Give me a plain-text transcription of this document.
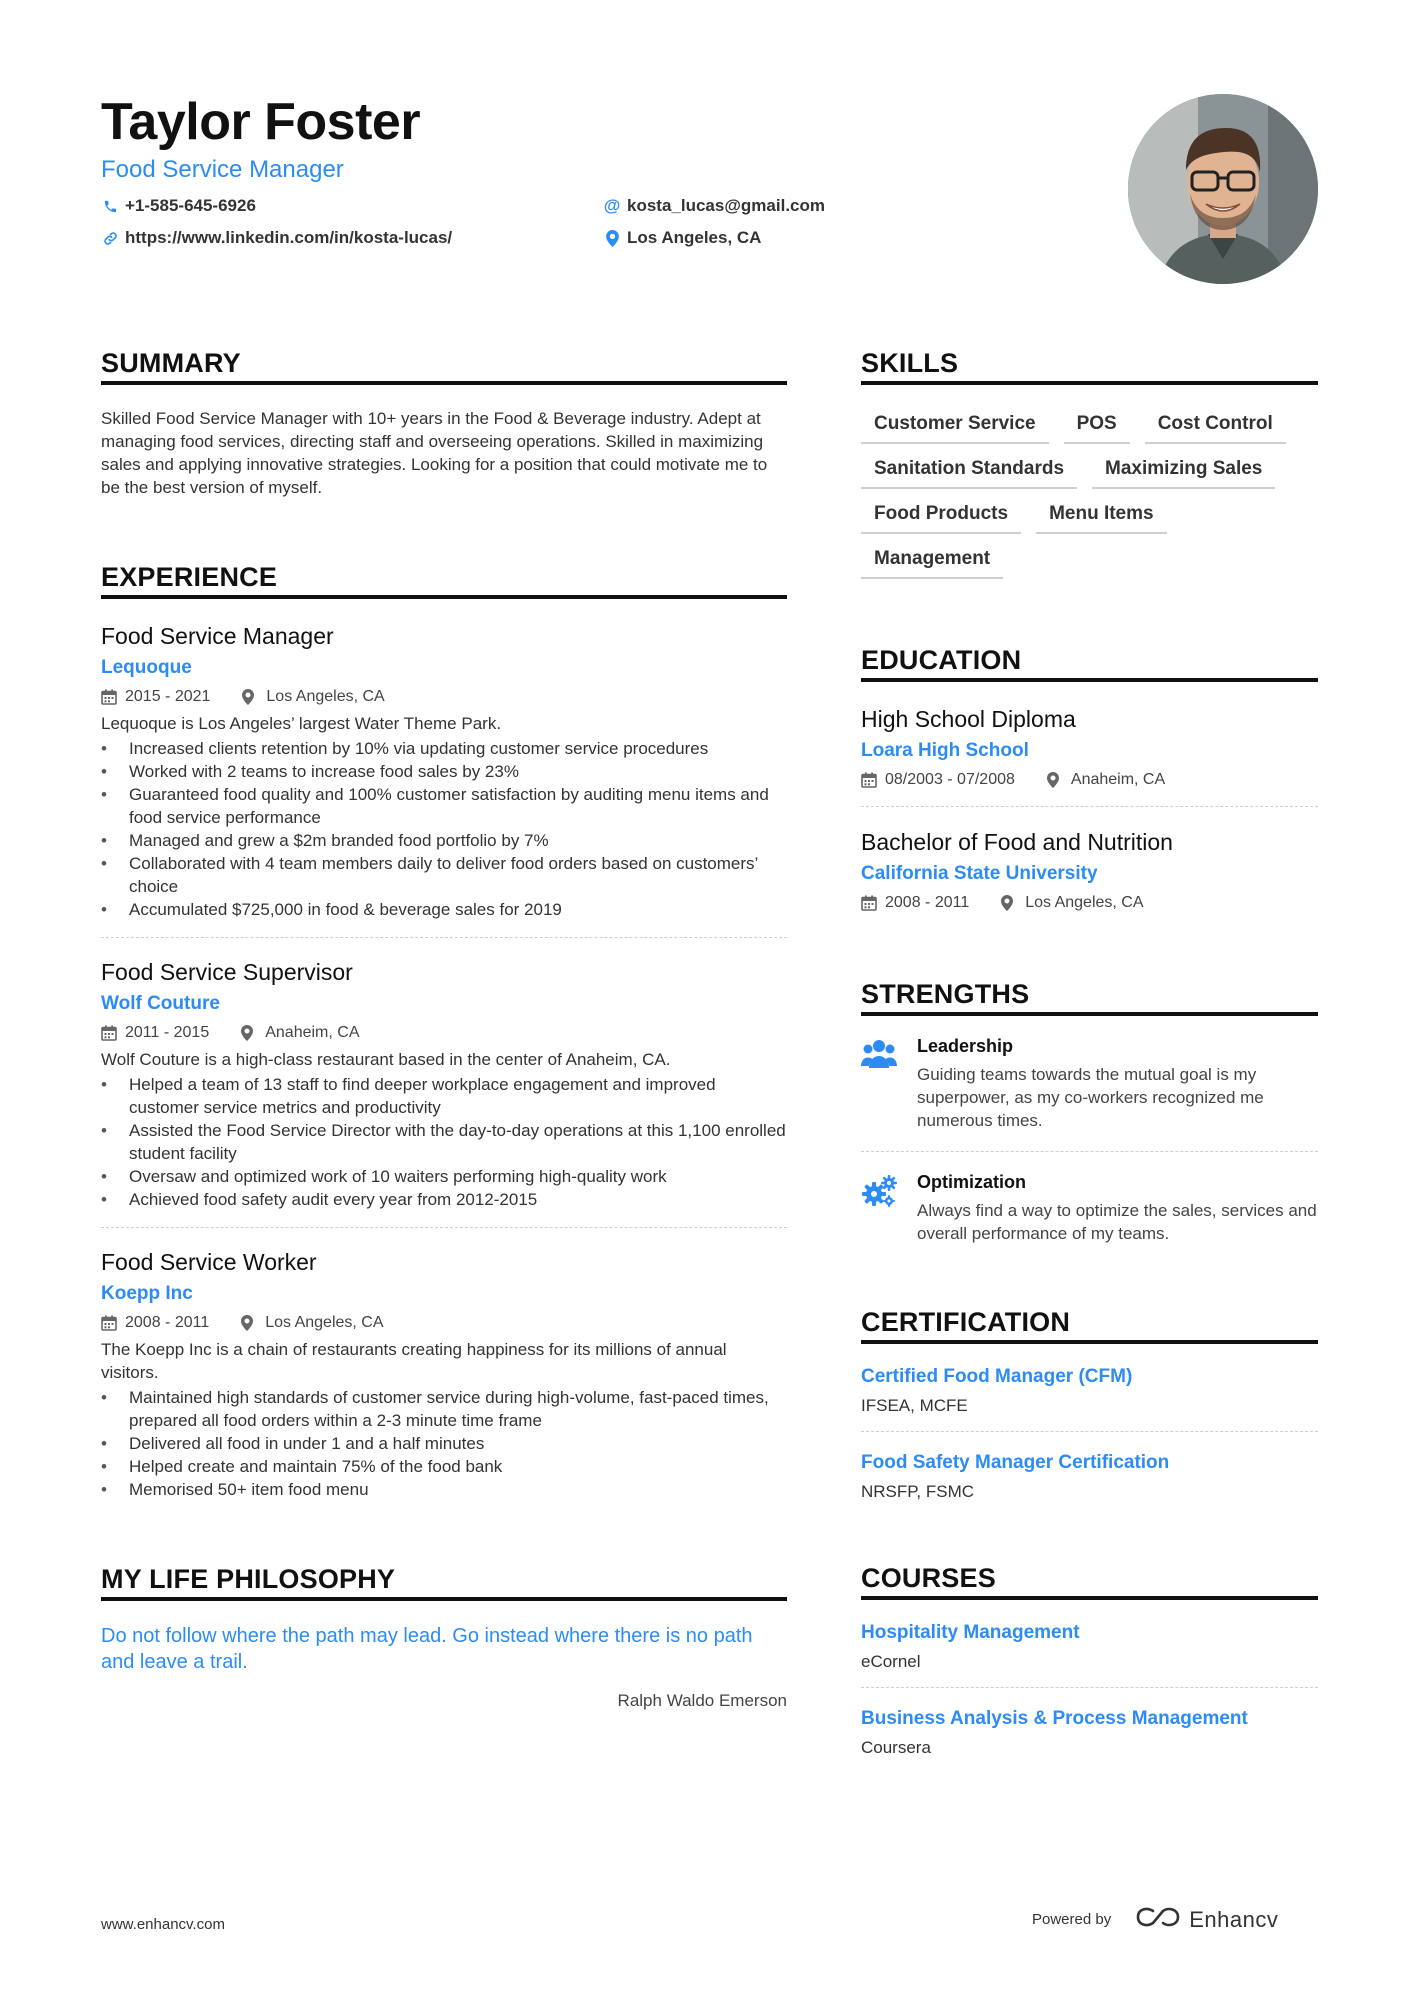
Taylor Foster
Food Service Manager
+1-585-645-6926	@ kosta_lucas@gmail.com
https://www.linkedin.com/in/kosta-lucas/	Los Angeles, CA
SUMMARY
Skilled Food Service Manager with 10+ years in the Food & Beverage industry. Adept at managing food services, directing staff and overseeing operations. Skilled in maximizing sales and applying innovative strategies. Looking for a position that could motivate me to be the best version of myself.
EXPERIENCE
Food Service Manager
Lequoque
2015 - 2021	Los Angeles, CA
Lequoque is Los Angeles’ largest Water Theme Park.
• Increased clients retention by 10% via updating customer service procedures
• Worked with 2 teams to increase food sales by 23%
• Guaranteed food quality and 100% customer satisfaction by auditing menu items and food service performance
• Managed and grew a $2m branded food portfolio by 7%
• Collaborated with 4 team members daily to deliver food orders based on customers’ choice
• Accumulated $725,000 in food & beverage sales for 2019
Food Service Supervisor
Wolf Couture
2011 - 2015	Anaheim, CA
Wolf Couture is a high-class restaurant based in the center of Anaheim, CA.
• Helped a team of 13 staff to find deeper workplace engagement and improved customer service metrics and productivity
• Assisted the Food Service Director with the day-to-day operations at this 1,100 enrolled student facility
• Oversaw and optimized work of 10 waiters performing high-quality work
• Achieved food safety audit every year from 2012-2015
Food Service Worker
Koepp Inc
2008 - 2011	Los Angeles, CA
The Koepp Inc is a chain of restaurants creating happiness for its millions of annual visitors.
• Maintained high standards of customer service during high-volume, fast-paced times, prepared all food orders within a 2-3 minute time frame
• Delivered all food in under 1 and a half minutes
• Helped create and maintain 75% of the food bank
• Memorised 50+ item food menu
MY LIFE PHILOSOPHY
Do not follow where the path may lead. Go instead where there is no path and leave a trail.
Ralph Waldo Emerson
SKILLS
Customer Service	POS	Cost Control
Sanitation Standards	Maximizing Sales
Food Products	Menu Items
Management
EDUCATION
High School Diploma
Loara High School
08/2003 - 07/2008	Anaheim, CA
Bachelor of Food and Nutrition
California State University
2008 - 2011	Los Angeles, CA
STRENGTHS
Leadership
Guiding teams towards the mutual goal is my superpower, as my co-workers recognized me numerous times.
Optimization
Always find a way to optimize the sales, services and overall performance of my teams.
CERTIFICATION
Certified Food Manager (CFM)
IFSEA, MCFE
Food Safety Manager Certification
NRSFP, FSMC
COURSES
Hospitality Management
eCornel
Business Analysis & Process Management
Coursera
www.enhancv.com	Powered by	Enhancv
